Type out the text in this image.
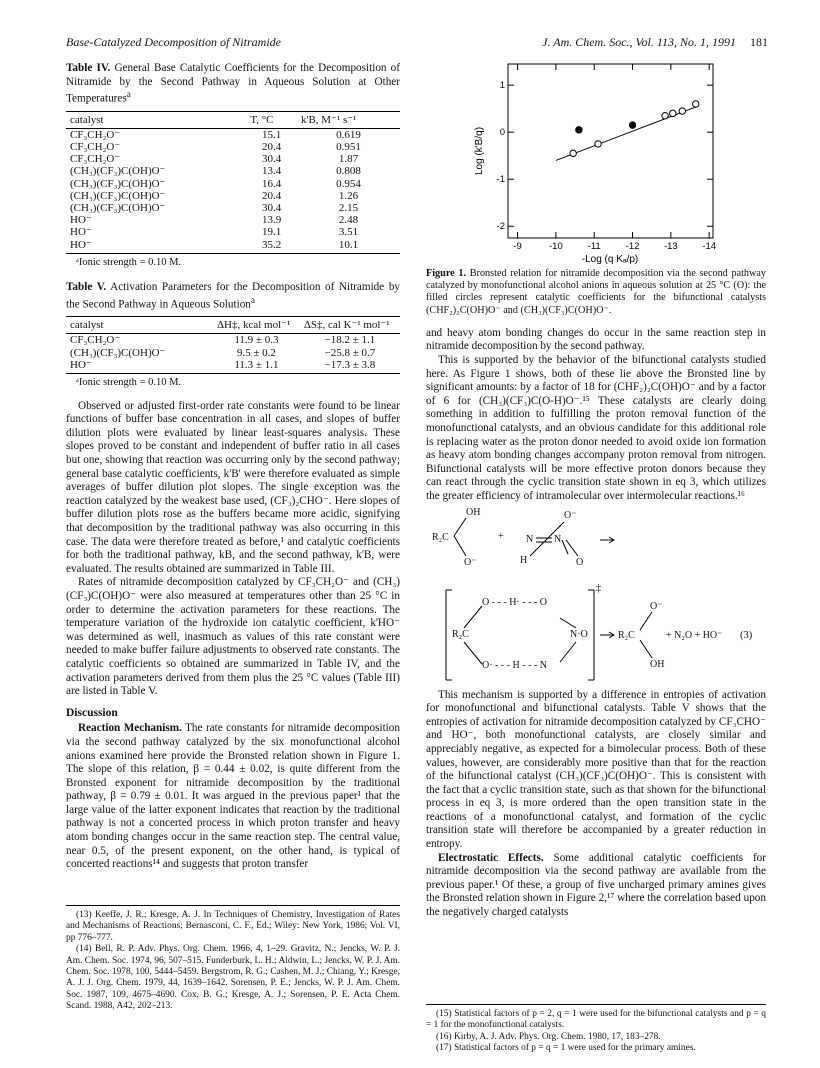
Base-Catalyzed Decomposition of Nitramide	J. Am. Chem. Soc., Vol. 113, No. 1, 1991 181
Table IV. General Base Catalytic Coefficients for the Decomposition of Nitramide by the Second Pathway in Aqueous Solution at Other Temperatures$^a$
catalyst	T, °C	k'B, M⁻¹ s⁻¹
CF₃CH₂O⁻	15.1	0.619
CF₃CH₂O⁻	20.4	0.951
CF₃CH₂O⁻	30.4	1.87
(CH₃)(CF₃)C(OH)O⁻	13.4	0.808
(CH₃)(CF₃)C(OH)O⁻	16.4	0.954
(CH₃)(CF₃)C(OH)O⁻	20.4	1.26
(CH₃)(CF₃)C(OH)O⁻	30.4	2.15
HO⁻	13.9	2.48
HO⁻	19.1	3.51
HO⁻	35.2	10.1
ᵃIonic strength = 0.10 M.
Table V. Activation Parameters for the Decomposition of Nitramide by the Second Pathway in Aqueous Solution$^a$
catalyst	ΔH‡, kcal mol⁻¹	ΔS‡, cal K⁻¹ mol⁻¹
CF₃CH₂O⁻	11.9 ± 0.3	−18.2 ± 1.1
(CH₃)(CF₃)C(OH)O⁻	9.5 ± 0.2	−25.8 ± 0.7
HO⁻	11.3 ± 1.1	−17.3 ± 3.8
ᵃIonic strength = 0.10 M.

Observed or adjusted first-order rate constants were found to be linear functions of buffer base concentration in all cases, and slopes of buffer dilution plots were evaluated by linear least-squares analysis. These slopes proved to be constant and independent of buffer ratio in all cases but one, showing that reaction was occurring only by the second pathway; general base catalytic coefficients, k'B' were therefore evaluated as simple averages of buffer dilution plot slopes. The single exception was the reaction catalyzed by the weakest base used, (CF₃)₂CHO⁻. Here slopes of buffer dilution plots rose as the buffers became more acidic, signifying that decomposition by the traditional pathway was also occurring in this case. The data were therefore treated as before,¹ and catalytic coefficients for both the traditional pathway, kB, and the second pathway, k'B, were evaluated. The results obtained are summarized in Table III.

Rates of nitramide decomposition catalyzed by CF₃CH₂O⁻ and (CH₃)(CF₃)C(OH)O⁻ were also measured at temperatures other than 25 °C in order to determine the activation parameters for these reactions. The temperature variation of the hydroxide ion catalytic coefficient, k'HO⁻ was determined as well, inasmuch as values of this rate constant were needed to make buffer failure adjustments to observed rate constants. The catalytic coefficients so obtained are summarized in Table IV, and the activation parameters derived from them plus the 25 °C values (Table III) are listed in Table V.

Discussion

Reaction Mechanism. The rate constants for nitramide decomposition via the second pathway catalyzed by the six monofunctional alcohol anions examined here provide the Bronsted relation shown in Figure 1. The slope of this relation, β = 0.44 ± 0.02, is quite different from the Bronsted exponent for nitramide decomposition by the traditional pathway, β = 0.79 ± 0.01. It was argued in the previous paper¹ that the large value of the latter exponent indicates that reaction by the traditional pathway is not a concerted process in which proton transfer and heavy atom bonding changes occur in the same reaction step. The central value, near 0.5, of the present exponent, on the other hand, is typical of concerted reactions¹⁴ and suggests that proton transfer

(13) Keeffe, J. R.; Kresge, A. J. In Techniques of Chemistry, Investigation of Rates and Mechanisms of Reactions; Bernasconi, C. F., Ed.; Wiley: New York, 1986; Vol. VI, pp 776–777.
(14) Bell, R. P. Adv. Phys. Org. Chem. 1966, 4, 1–29. Gravitz, N.; Jencks, W. P. J. Am. Chem. Soc. 1974, 96, 507–515. Funderburk, L. H.; Aldwin, L.; Jencks, W. P. J. Am. Chem. Soc. 1978, 100, 5444–5459. Bergstrom, R. G.; Cashen, M. J.; Chiang, Y.; Kresge, A. J. J. Org. Chem. 1979, 44, 1639–1642. Sorensen, P. E.; Jencks, W. P. J. Am. Chem. Soc. 1987, 109, 4675–4690. Cox, B. G.; Kresge, A. J.; Sorensen, P. E. Acta Chem. Scand. 1988, A42, 202–213.
-9	-10	-11	-12	-13	-14
1
0
-1
-2
Log (k'B/q)
-Log (q Kₐ/p)

Figure 1. Bronsted relation for nitramide decomposition via the second pathway catalyzed by monofunctional alcohol anions in aqueous solution at 25 °C (O): the filled circles represent catalytic coefficients for the bifunctional catalysts (CHF₂)₂C(OH)O⁻ and (CH₃)(CF₃)C(OH)O⁻.

and heavy atom bonding changes do occur in the same reaction step in nitramide decomposition by the second pathway.

This is supported by the behavior of the bifunctional catalysts studied here. As Figure 1 shows, both of these lie above the Bronsted line by significant amounts: by a factor of 18 for (CHF₂)₂C(OH)O⁻ and by a factor of 6 for (CH₃)(CF₃)C(O-H)O⁻.¹⁵ These catalysts are clearly doing something in addition to fulfilling the proton removal function of the monofunctional catalysts, and an obvious candidate for this additional role is replacing water as the proton donor needed to avoid oxide ion formation as heavy atom bonding changes accompany proton removal from nitrogen. Bifunctional catalysts will be more effective proton donors because they can react through the cyclic transition state shown in eq 3, which utilizes the greater efficiency of intramolecular over intermolecular reactions.¹⁶

OH
R₂C
O⁻
+ N N
O⁻
H	O
R₂C
O - - - H· - - - O
O· - - - H - - - N
N·O
‡
R₂C
O⁻
OH
+ N₂O + HO⁻ (3)

This mechanism is supported by a difference in entropies of activation for monofunctional and bifunctional catalysts. Table V shows that the entropies of activation for nitramide decomposition catalyzed by CF₃CHO⁻ and HO⁻, both monofunctional catalysts, are closely similar and appreciably negative, as expected for a bimolecular process. Both of these values, however, are considerably more positive than that for the reaction of the bifunctional catalyst (CH₃)(CF₃)C(OH)O⁻. This is consistent with the fact that a cyclic transition state, such as that shown for the bifunctional process in eq 3, is more ordered than the open transition state in the reactions of a monofunctional catalyst, and formation of the cyclic transition state will therefore be accompanied by a greater reduction in entropy.

Electrostatic Effects. Some additional catalytic coefficients for nitramide decomposition via the second pathway are available from the previous paper.¹ Of these, a group of five uncharged primary amines gives the Bronsted relation shown in Figure 2,¹⁷ where the correlation based upon the negatively charged catalysts

(15) Statistical factors of p = 2, q = 1 were used for the bifunctional catalysts and p = q = 1 for the monofunctional catalysts.
(16) Kirby, A. J. Adv. Phys. Org. Chem. 1980, 17, 183–278.
(17) Statistical factors of p = q = 1 were used for the primary amines.
